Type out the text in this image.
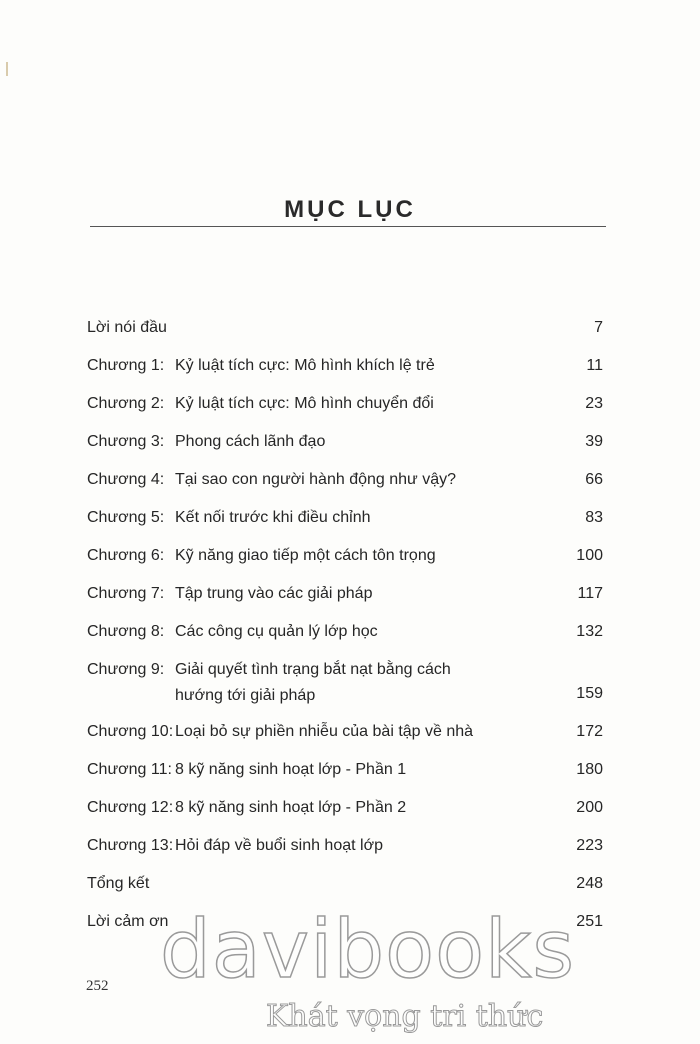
MỤC LỤC
Lời nói đầu	7
Chương 1: Kỷ luật tích cực: Mô hình khích lệ trẻ	11
Chương 2: Kỷ luật tích cực: Mô hình chuyển đổi	23
Chương 3: Phong cách lãnh đạo	39
Chương 4: Tại sao con người hành động như vậy?	66
Chương 5: Kết nối trước khi điều chỉnh	83
Chương 6: Kỹ năng giao tiếp một cách tôn trọng	100
Chương 7: Tập trung vào các giải pháp	117
Chương 8: Các công cụ quản lý lớp học	132
Chương 9: Giải quyết tình trạng bắt nạt bằng cách
hướng tới giải pháp	159
Chương 10: Loại bỏ sự phiền nhiễu của bài tập về nhà	172
Chương 11: 8 kỹ năng sinh hoạt lớp - Phần 1	180
Chương 12: 8 kỹ năng sinh hoạt lớp - Phần 2	200
Chương 13: Hỏi đáp về buổi sinh hoạt lớp	223
Tổng kết	248
Lời cảm ơn	251
252 davibooks
Khát vọng tri thức
